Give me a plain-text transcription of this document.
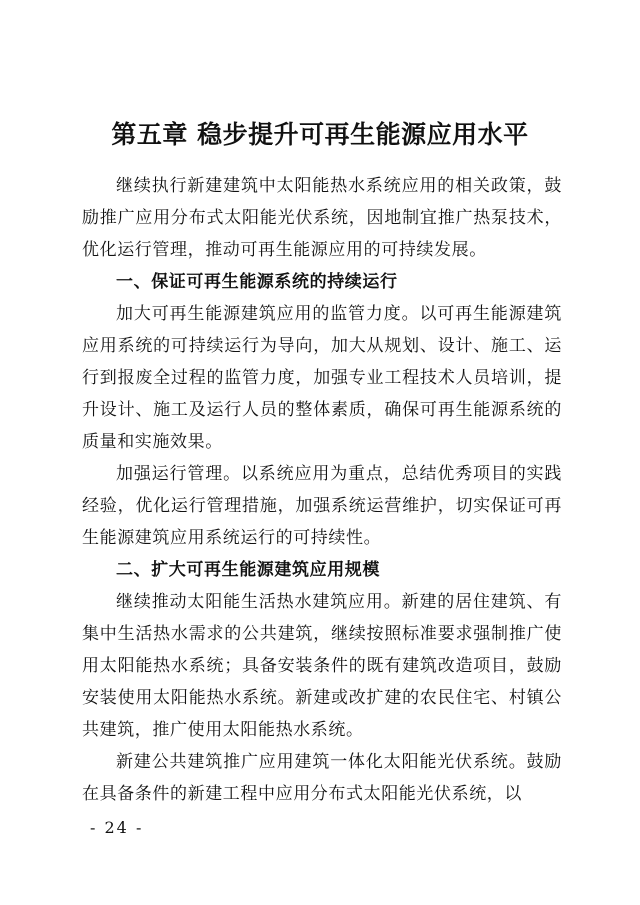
第五章 稳步提升可再生能源应用水平

继续执行新建建筑中太阳能热水系统应用的相关政策，鼓励推广应用分布式太阳能光伏系统，因地制宜推广热泵技术，优化运行管理，推动可再生能源应用的可持续发展。

一、保证可再生能源系统的持续运行

加大可再生能源建筑应用的监管力度。以可再生能源建筑应用系统的可持续运行为导向，加大从规划、设计、施工、运行到报废全过程的监管力度，加强专业工程技术人员培训，提升设计、施工及运行人员的整体素质，确保可再生能源系统的质量和实施效果。

加强运行管理。以系统应用为重点，总结优秀项目的实践经验，优化运行管理措施，加强系统运营维护，切实保证可再生能源建筑应用系统运行的可持续性。

二、扩大可再生能源建筑应用规模

继续推动太阳能生活热水建筑应用。新建的居住建筑、有集中生活热水需求的公共建筑，继续按照标准要求强制推广使用太阳能热水系统；具备安装条件的既有建筑改造项目，鼓励安装使用太阳能热水系统。新建或改扩建的农民住宅、村镇公共建筑，推广使用太阳能热水系统。

新建公共建筑推广应用建筑一体化太阳能光伏系统。鼓励在具备条件的新建工程中应用分布式太阳能光伏系统，以

- 24 -
